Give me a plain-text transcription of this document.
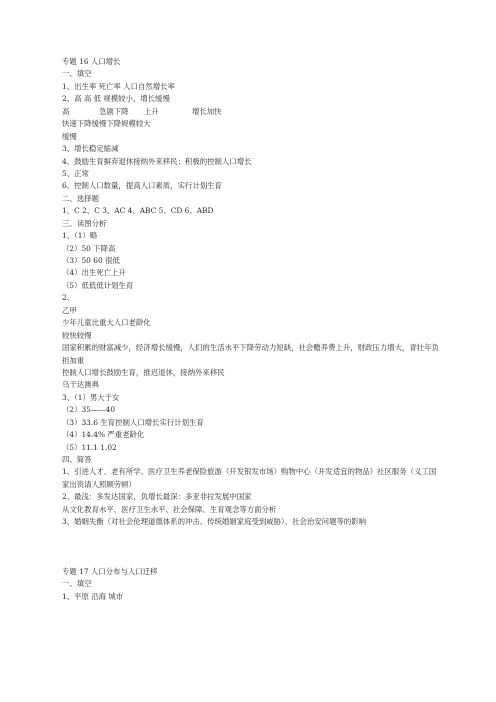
专题 16 人口增长
一、填空
1、出生率 死亡率 人口自然增长率
2、高 高 低 规模较小，增长缓慢
高	急剧下降 上升	增长加快
快速下降缓慢下降规模较大
缓慢
3、增长稳定缩减
4、鼓励生育摒弃退休接纳外来移民；积极的控制人口增长
5、正常
6、控制人口数量，提高人口素质，实行计划生育
二、选择题
1、C 2、C 3、AC 4、ABC 5、CD 6、ABD
三、读图分析
1、（1）略
（2）50 下降高
（3）50 60 很低
（4）出生死亡上升
（5）低低低计划生育
2、
乙甲
少年儿童比重大人口老龄化
较快较慢
国家积累的财富减少，经济增长缓慢，人们的生活水平下降劳动力短缺，社会赡养费上升，财政压力增大，青壮年负担加重
控制人口增长鼓励生育，推迟退休，接纳外来移民
乌干达澳典
3、（1）男大于女
（2）35——40
（3）33.6 生育控制人口增长实行计划生育
（4）14.4% 严重老龄化
（5）11.1 1.02
四、简答
1、引进人才、老有所学、医疗卫生养老保险旅游（开发银发市场）购物中心（开发适宜的物品）社区服务（义工国家出资请人照顾劳顿）
2、最浅：多发达国家，负增长最深：多亚非拉发展中国家
从文化教育水平、医疗卫生水平、社会保障、生育观念等方面分析
3、婚姻失衡（对社会伦理道德体系的冲击、传统婚姻家庭受到威胁）、社会治安问题等的影响
专题 17 人口分布与人口迁移
一、填空
1、平原 沿海 城市
